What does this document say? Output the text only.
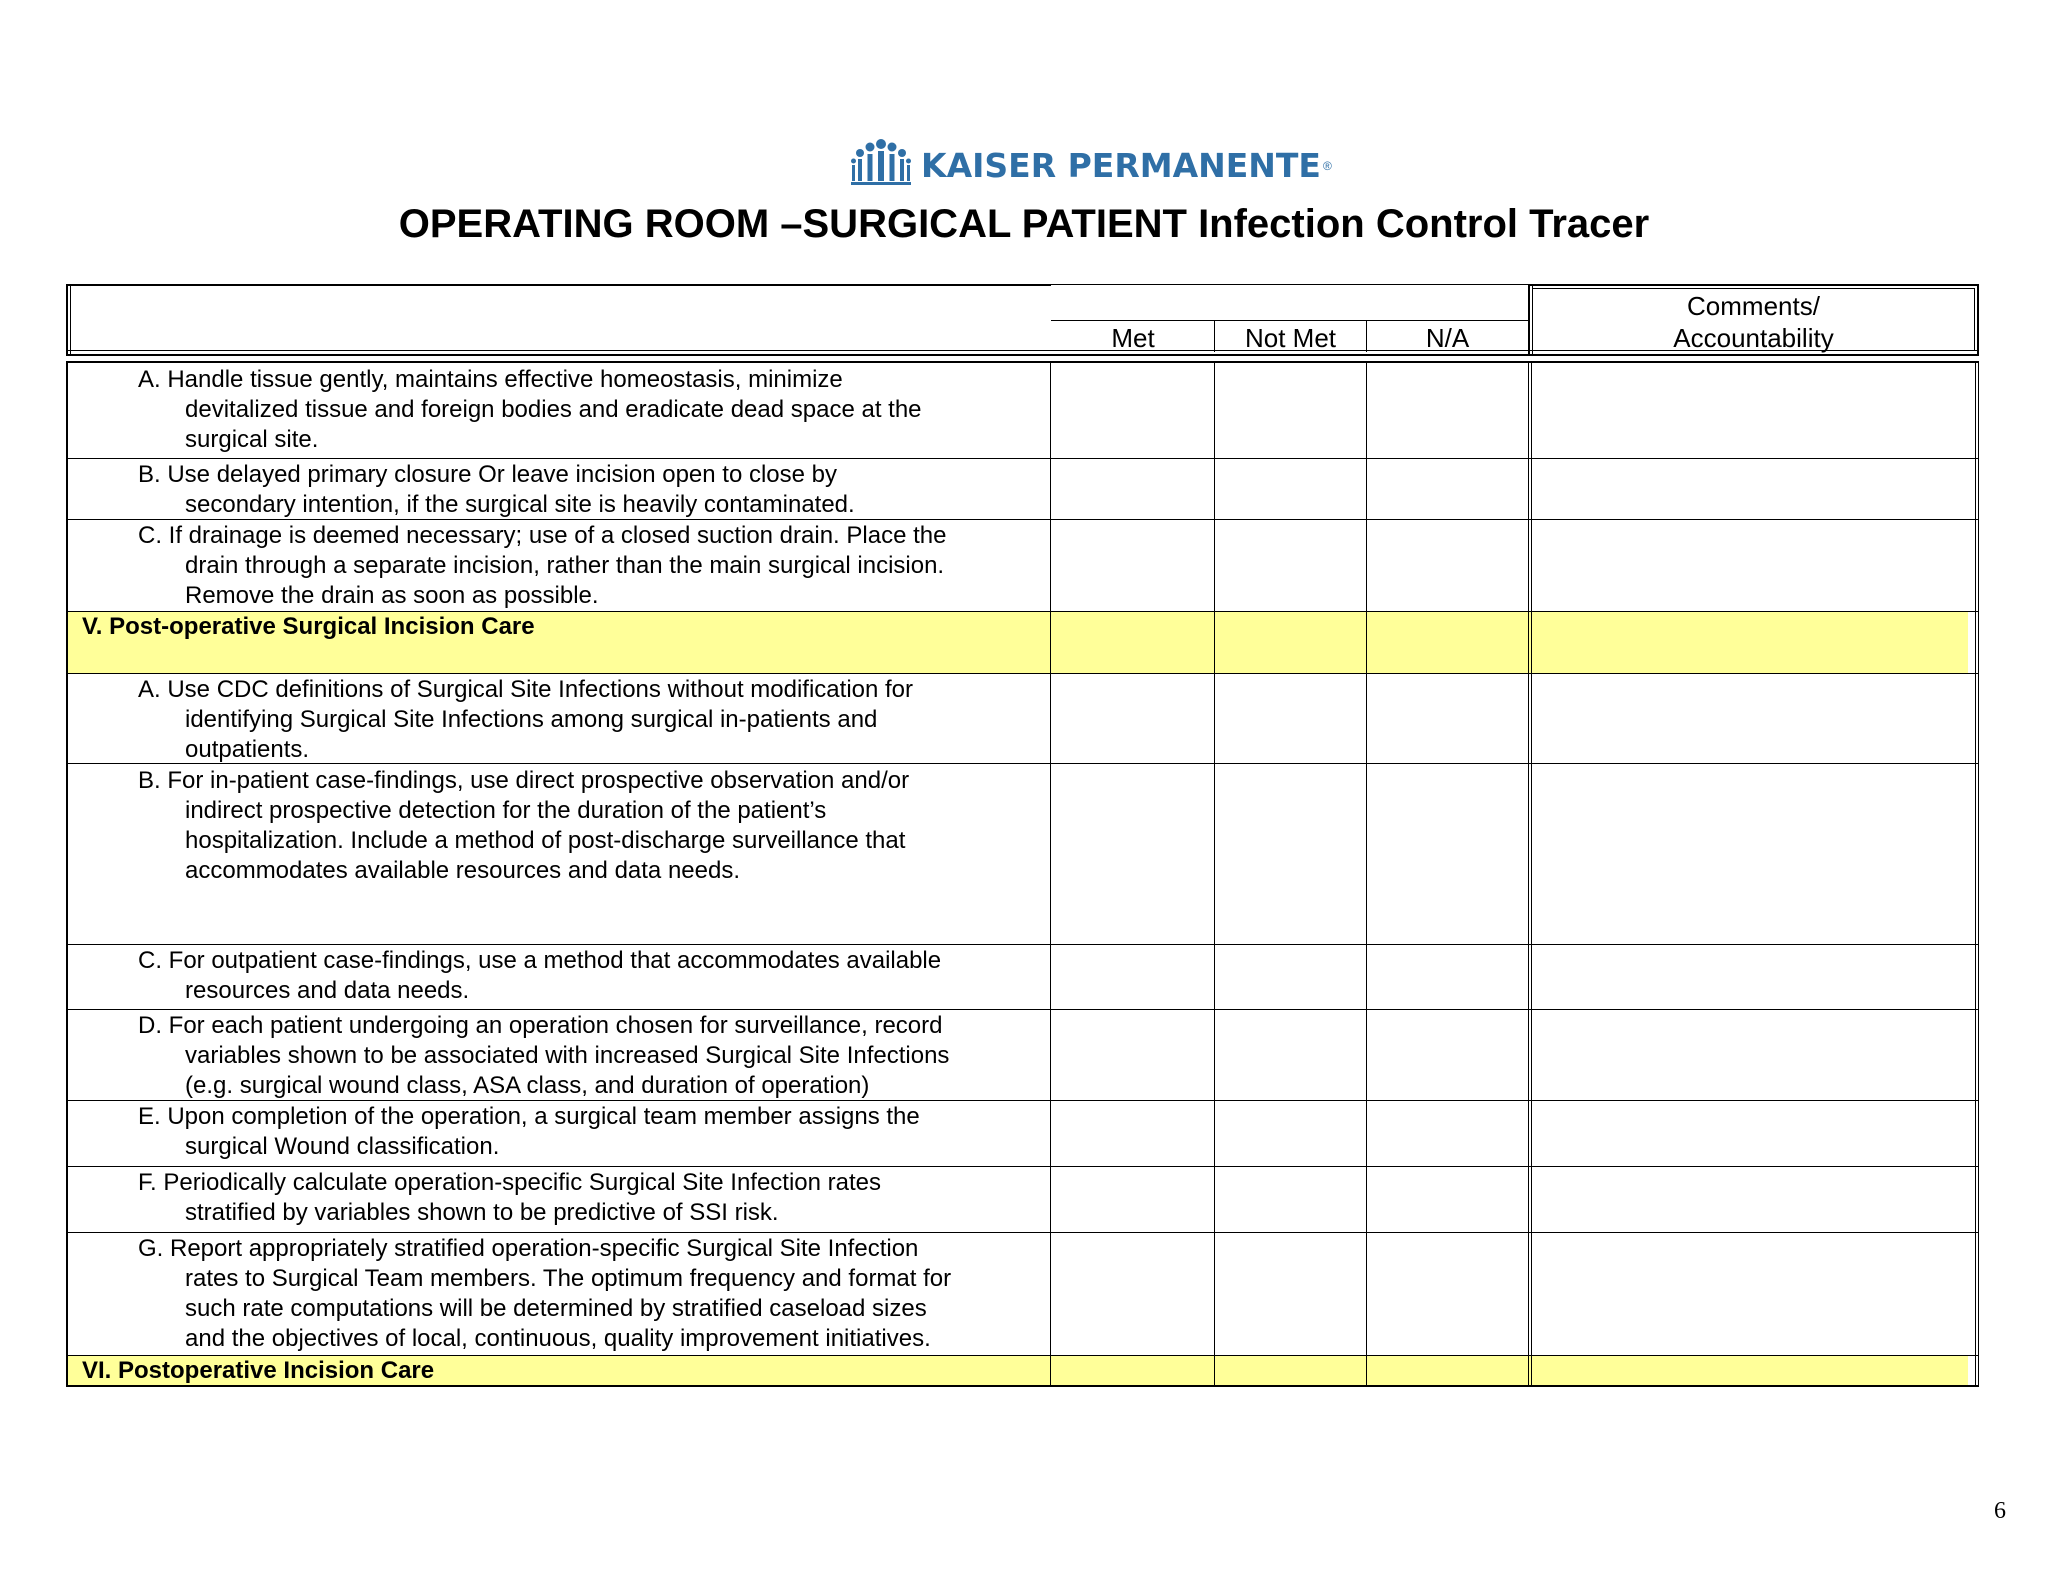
KAISER PERMANENTE ®
OPERATING ROOM –SURGICAL PATIENT Infection Control Tracer
Met	Not Met	N/A
Comments/
Accountability
A. Handle tissue gently, maintains effective homeostasis, minimize
devitalized tissue and foreign bodies and eradicate dead space at the
surgical site.
B. Use delayed primary closure Or leave incision open to close by
secondary intention, if the surgical site is heavily contaminated.
C. If drainage is deemed necessary; use of a closed suction drain. Place the
drain through a separate incision, rather than the main surgical incision.
Remove the drain as soon as possible.
V. Post-operative Surgical Incision Care
A. Use CDC definitions of Surgical Site Infections without modification for
identifying Surgical Site Infections among surgical in-patients and
outpatients.
B. For in-patient case-findings, use direct prospective observation and/or
indirect prospective detection for the duration of the patient’s
hospitalization. Include a method of post-discharge surveillance that
accommodates available resources and data needs.
C. For outpatient case-findings, use a method that accommodates available
resources and data needs.
D. For each patient undergoing an operation chosen for surveillance, record
variables shown to be associated with increased Surgical Site Infections
(e.g. surgical wound class, ASA class, and duration of operation)
E. Upon completion of the operation, a surgical team member assigns the
surgical Wound classification.
F. Periodically calculate operation-specific Surgical Site Infection rates
stratified by variables shown to be predictive of SSI risk.
G. Report appropriately stratified operation-specific Surgical Site Infection
rates to Surgical Team members. The optimum frequency and format for
such rate computations will be determined by stratified caseload sizes
and the objectives of local, continuous, quality improvement initiatives.
VI. Postoperative Incision Care
6
